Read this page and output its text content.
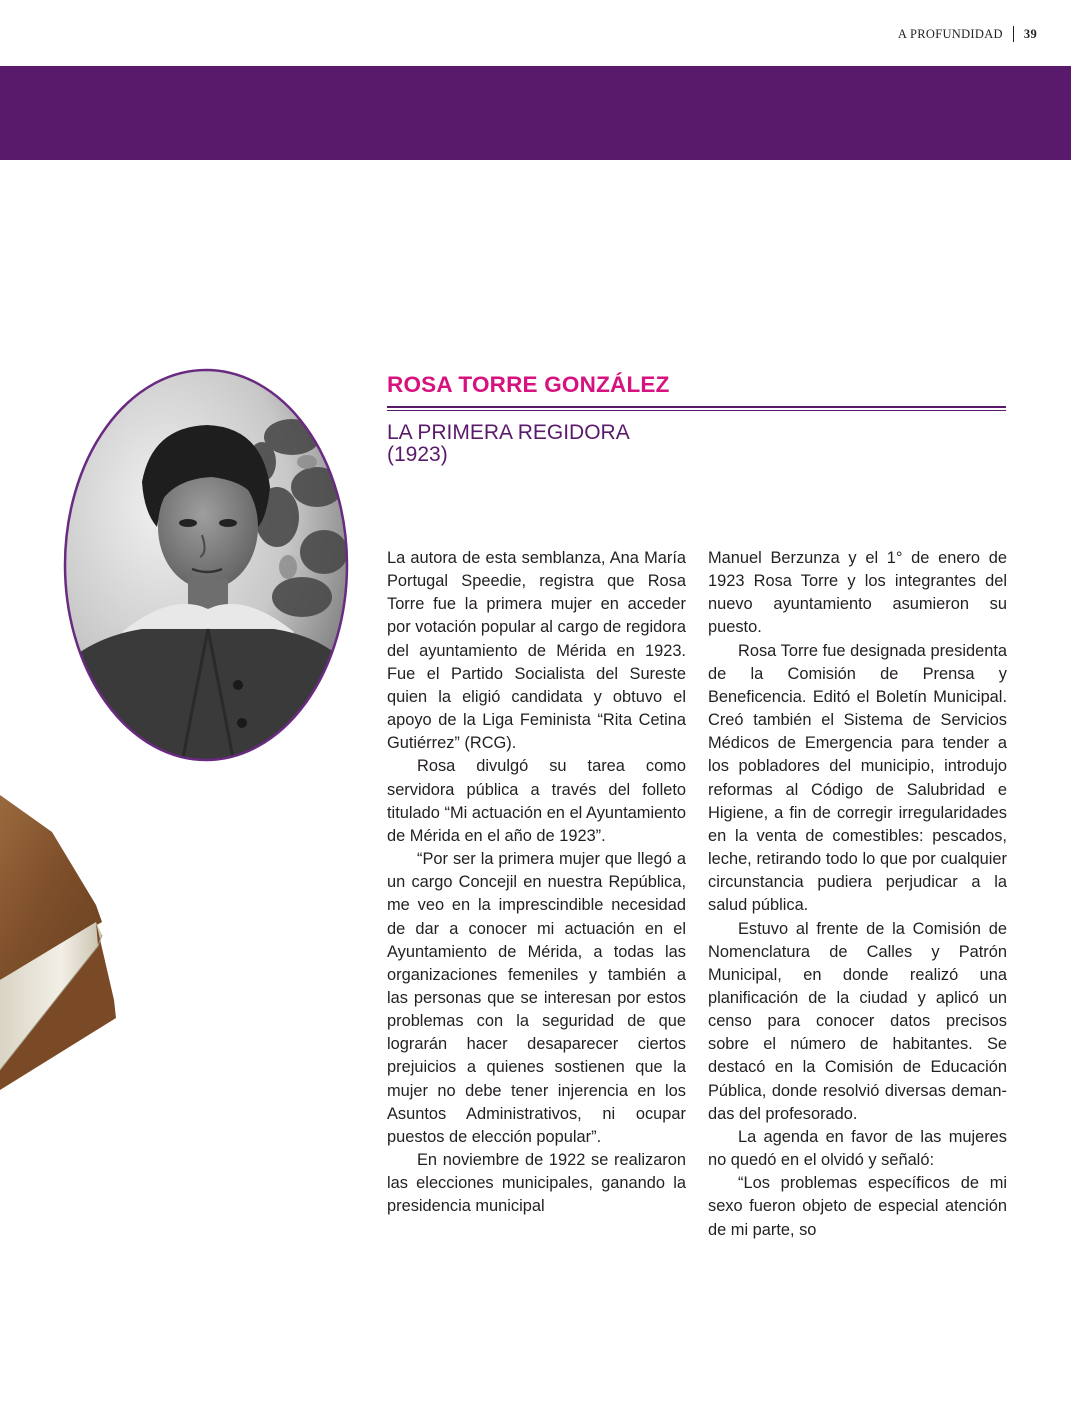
A PROFUNDIDAD 39
ROSA TORRE GONZÁLEZ
LA PRIMERA REGIDORA
(1923)

La autora de esta semblanza, Ana María Portugal Speedie, registra que Rosa Torre fue la primera mujer en acceder por votación popular al cargo de regidora del ayuntamiento de Mérida en 1923. Fue el Partido Socialista del Sureste quien la eligió candidata y obtuvo el apoyo de la Liga Feminista “Rita Cetina Gutiérrez” (RCG).

Rosa divulgó su tarea como servidora pública a través del folleto titulado “Mi actuación en el Ayuntamiento de Mérida en el año de 1923”.

“Por ser la primera mujer que llegó a un cargo Concejil en nuestra República, me veo en la imprescindible necesidad de dar a conocer mi actuación en el Ayuntamiento de Mérida, a todas las organizaciones femeniles y también a las personas que se interesan por estos problemas con la seguridad de que lograrán hacer desaparecer ciertos prejuicios a quienes sostienen que la mujer no debe tener injerencia en los Asuntos Administrativos, ni ocupar puestos de elección popular”.

En noviembre de 1922 se realizaron las elecciones municipales, ganando la presidencia municipal

Manuel Berzunza y el 1° de enero de 1923 Rosa Torre y los integrantes del nuevo ayuntamiento asumieron su puesto.

Rosa Torre fue designada presidenta de la Comisión de Prensa y Beneficencia. Editó el Boletín Municipal. Creó también el Sistema de Servicios Médicos de Emergencia para tender a los pobladores del municipio, introdujo reformas al Código de Salubridad e Higiene, a fin de corregir irregularidades en la venta de comestibles: pescados, leche, retirando todo lo que por cualquier circunstancia pudiera perjudicar a la salud pública.

Estuvo al frente de la Comisión de Nomenclatura de Calles y Patrón Municipal, en donde realizó una planificación de la ciudad y aplicó un censo para conocer datos precisos sobre el número de habitantes. Se destacó en la Comisión de Educación Pública, donde resolvió diversas demandas del profesorado.

La agenda en favor de las mujeres no quedó en el olvidó y señaló:

“Los problemas específicos de mi sexo fueron objeto de especial atención de mi parte, so
